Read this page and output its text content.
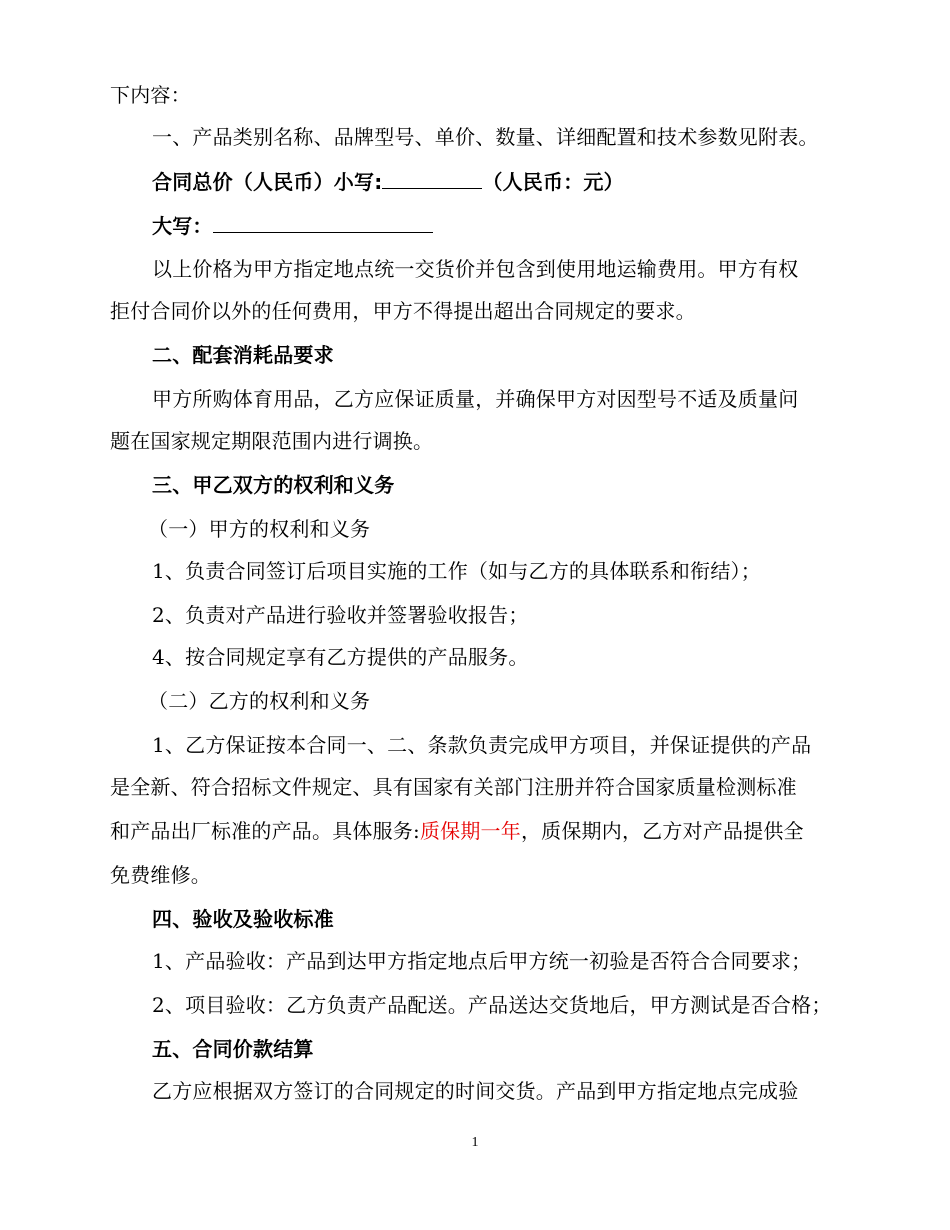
下内容：
一、产品类别名称、品牌型号、单价、数量、详细配置和技术参数见附表。
合同总价（人民币）小写:	（人民币：元）
大写：
以上价格为甲方指定地点统一交货价并包含到使用地运输费用。甲方有权
拒付合同价以外的任何费用，甲方不得提出超出合同规定的要求。
二、配套消耗品要求
甲方所购体育用品，乙方应保证质量，并确保甲方对因型号不适及质量问
题在国家规定期限范围内进行调换。
三、甲乙双方的权利和义务
（一）甲方的权利和义务
1、负责合同签订后项目实施的工作（如与乙方的具体联系和衔结）；
2、负责对产品进行验收并签署验收报告；
4、按合同规定享有乙方提供的产品服务。
（二）乙方的权利和义务
1、乙方保证按本合同一、二、条款负责完成甲方项目，并保证提供的产品
是全新、符合招标文件规定、具有国家有关部门注册并符合国家质量检测标准
和产品出厂标准的产品。具体服务:质保期一年，质保期内，乙方对产品提供全
免费维修。
四、验收及验收标准
1、产品验收：产品到达甲方指定地点后甲方统一初验是否符合合同要求；
2、项目验收：乙方负责产品配送。产品送达交货地后，甲方测试是否合格；
五、合同价款结算
乙方应根据双方签订的合同规定的时间交货。产品到甲方指定地点完成验
1
